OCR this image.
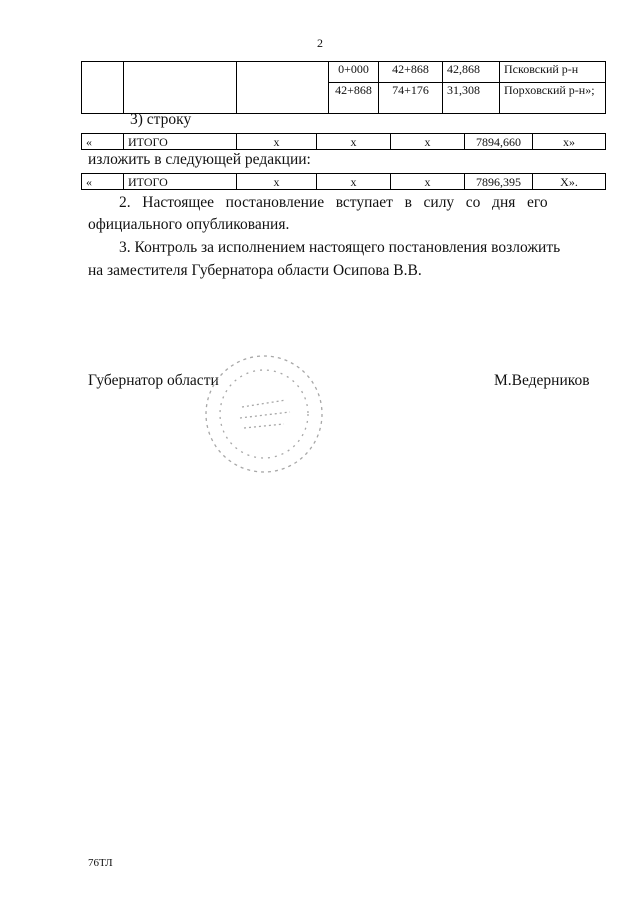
2
			0+000	42+868	42,868	Псковский р-н
			42+868	74+176	31,308	Порховский р-н»;
3) строку
«	ИТОГО	х	х	х	7894,660	х»
изложить в следующей редакции:
«	ИТОГО	х	х	х	7896,395	Х».
2.   Настоящее   постановление   вступает   в   силу   со   дня   его
официального опубликования.
3. Контроль за исполнением настоящего постановления возложить
на заместителя Губернатора области Осипова В.В.
Губернатор области	М.Ведерников
76ТЛ
